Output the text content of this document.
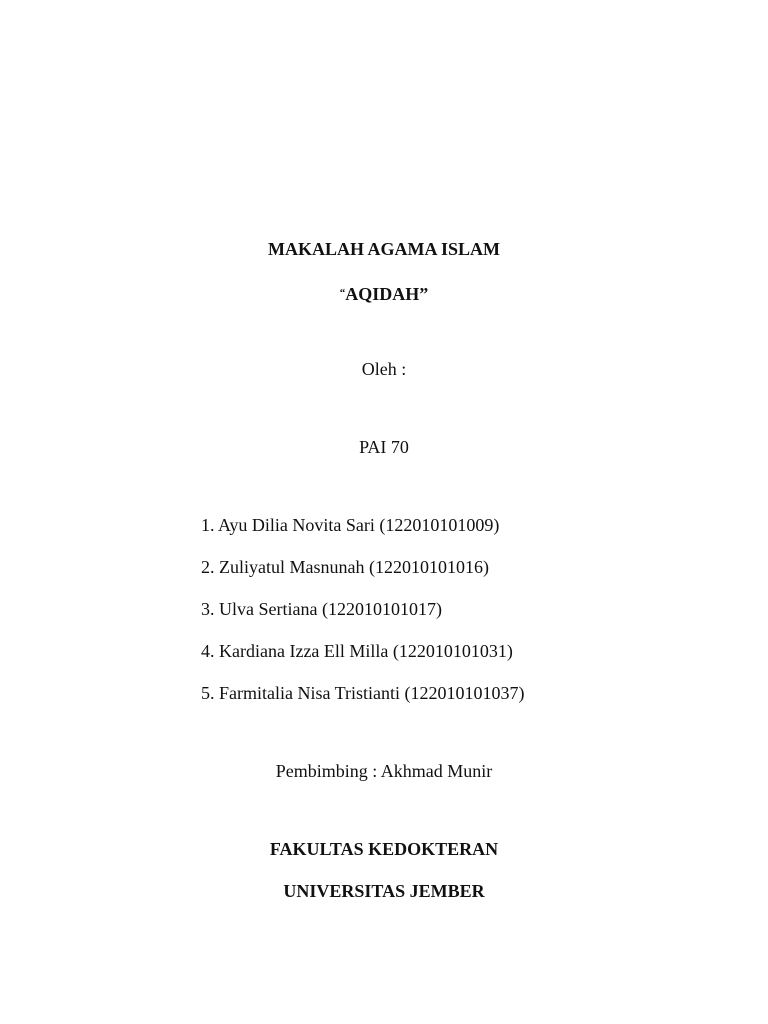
MAKALAH AGAMA ISLAM
“AQIDAH”
Oleh :
PAI 70
1. Ayu Dilia Novita Sari (122010101009)
2. Zuliyatul Masnunah (122010101016)
3. Ulva Sertiana (122010101017)
4. Kardiana Izza Ell Milla (122010101031)
5. Farmitalia Nisa Tristianti (122010101037)
Pembimbing : Akhmad Munir
FAKULTAS KEDOKTERAN
UNIVERSITAS JEMBER
